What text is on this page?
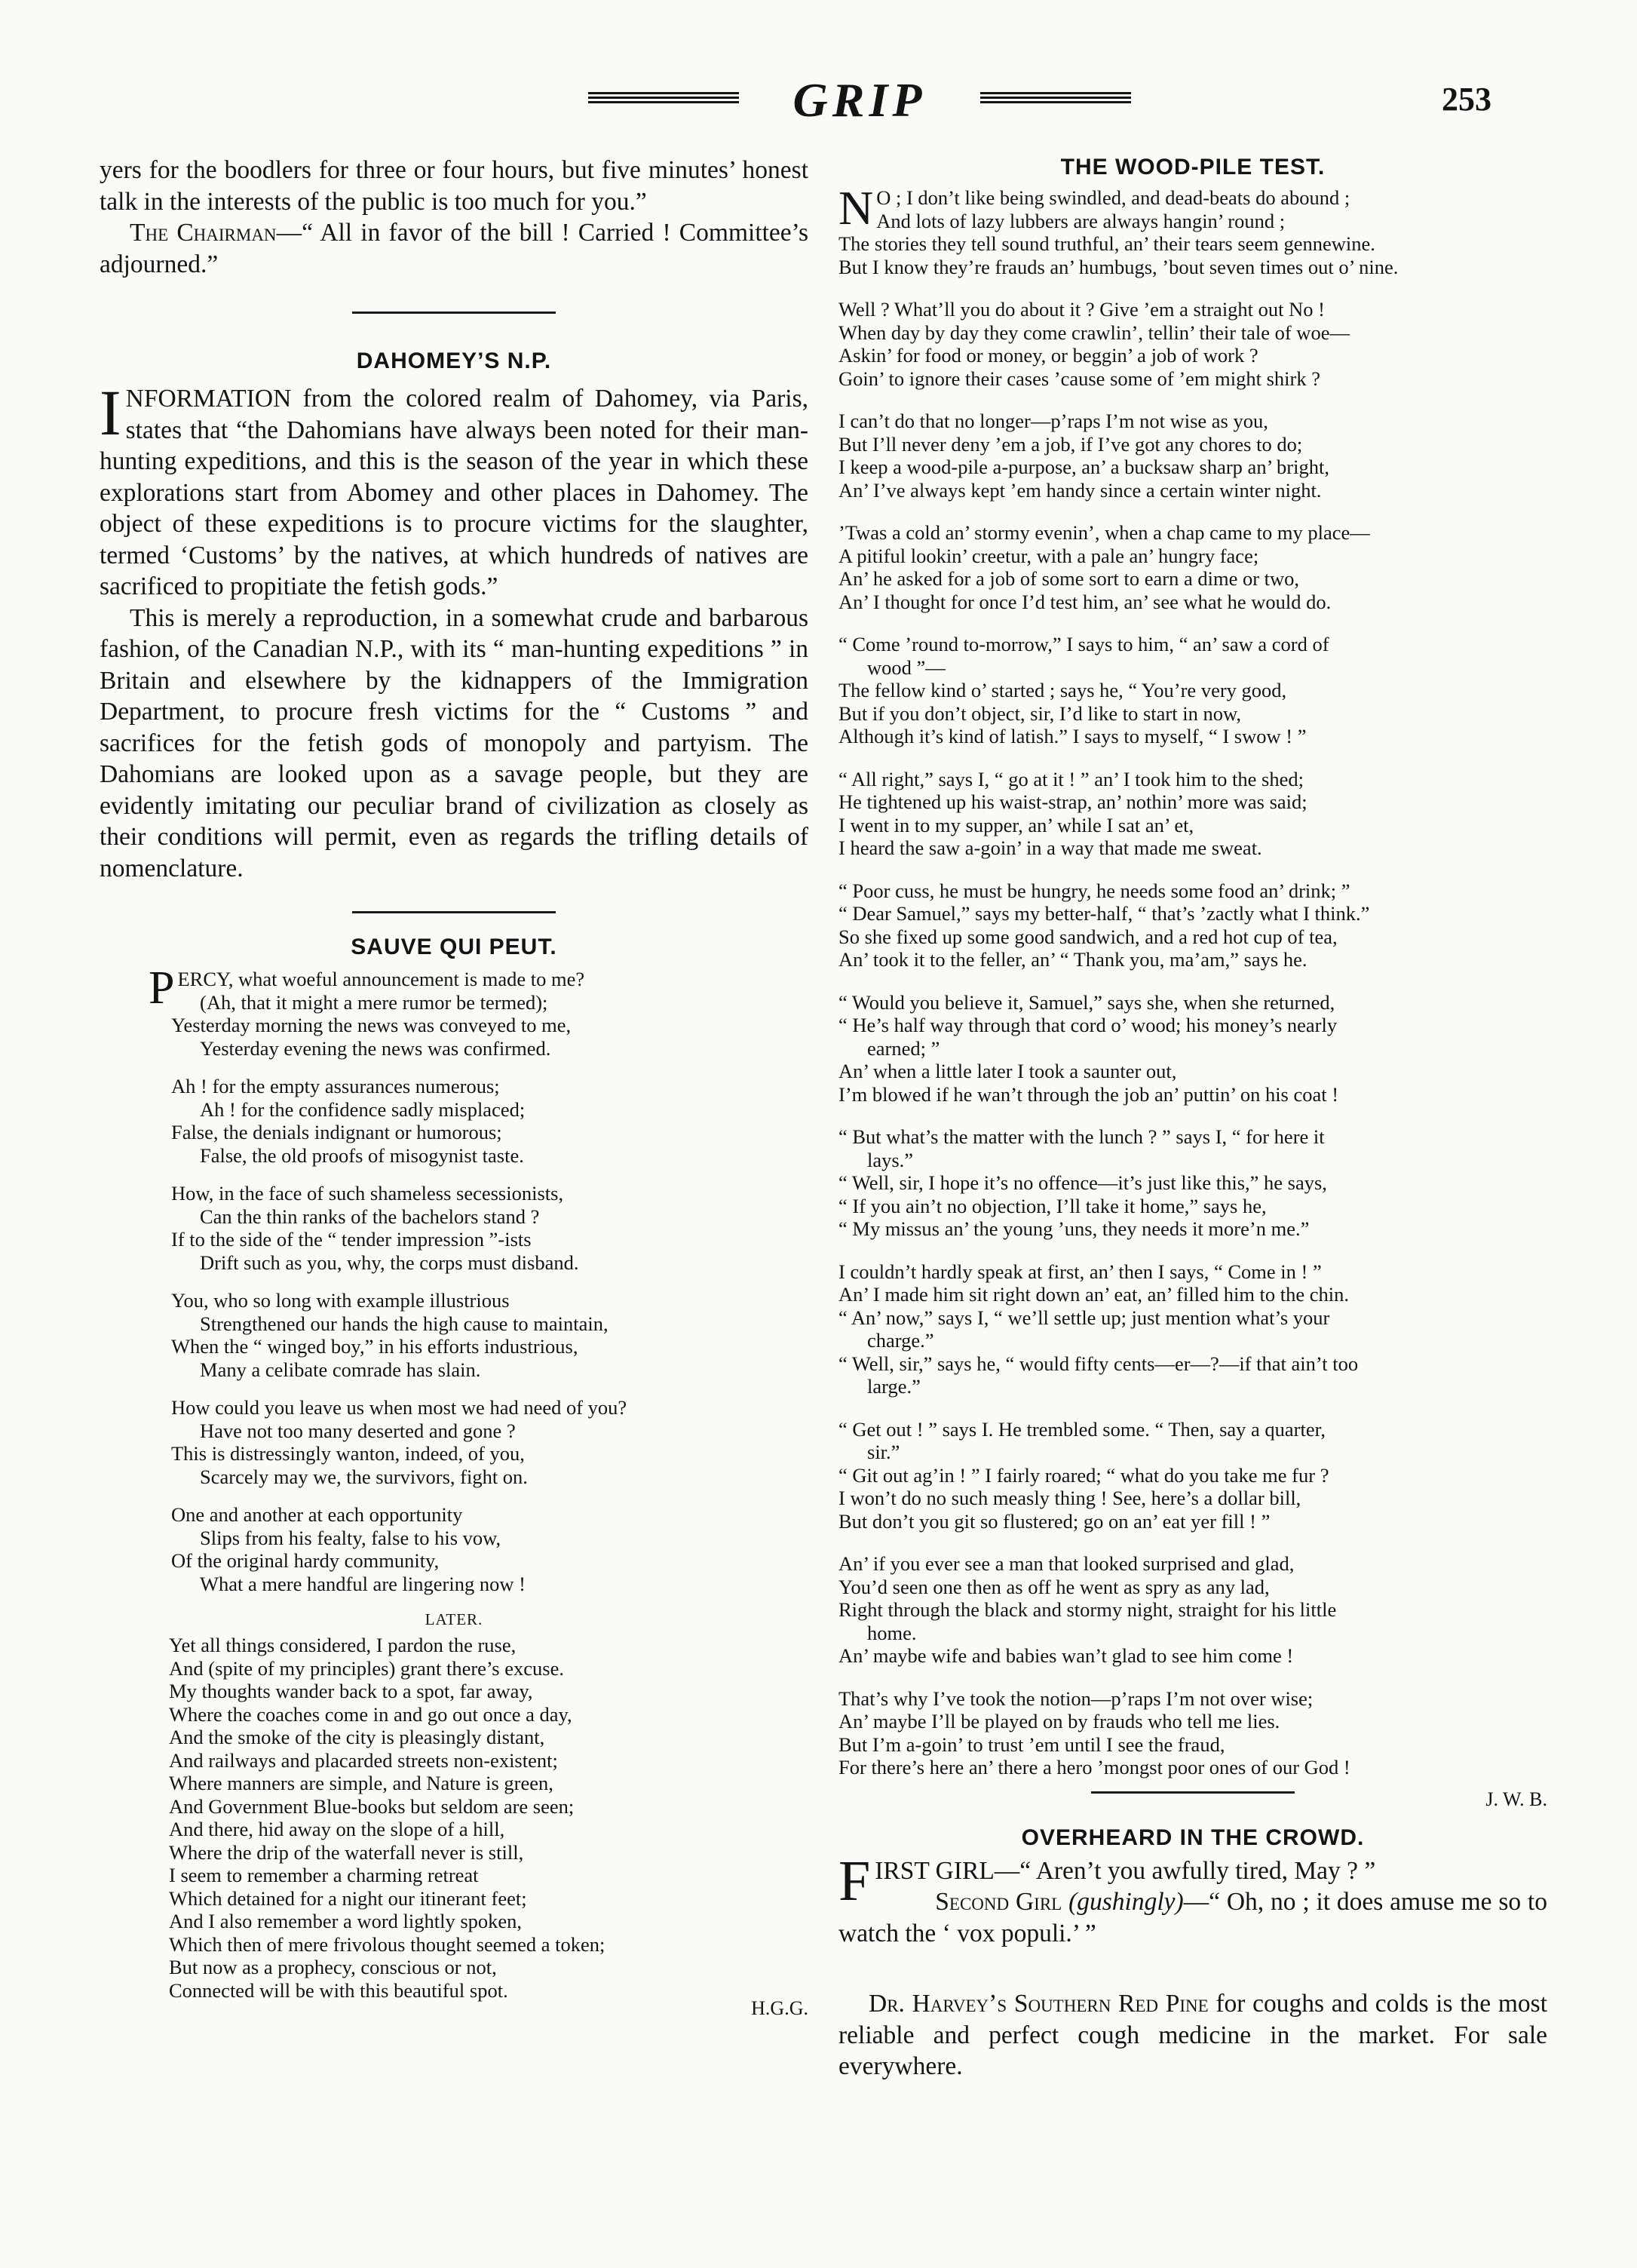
GRIP	253

yers for the boodlers for three or four hours, but five minutes’ honest talk in the interests of the public is too much for you.”

The Chairman—“ All in favor of the bill ! Carried ! Committee’s adjourned.”

DAHOMEY’S N.P.

INFORMATION from the colored realm of Dahomey, via Paris, states that “the Dahomians have always been noted for their man-hunting expeditions, and this is the season of the year in which these explorations start from Abomey and other places in Dahomey. The object of these expeditions is to procure victims for the slaughter, termed ‘Customs’ by the natives, at which hundreds of natives are sacrificed to propitiate the fetish gods.”

This is merely a reproduction, in a somewhat crude and barbarous fashion, of the Canadian N.P., with its “ man-hunting expeditions ” in Britain and elsewhere by the kidnappers of the Immigration Department, to procure fresh victims for the “ Customs ” and sacrifices for the fetish gods of monopoly and partyism. The Dahomians are looked upon as a savage people, but they are evidently imitating our peculiar brand of civilization as closely as their conditions will permit, even as regards the trifling details of nomenclature.

SAUVE QUI PEUT.
PERCY, what woeful announcement is made to me?
(Ah, that it might a mere rumor be termed);
Yesterday morning the news was conveyed to me,
Yesterday evening the news was confirmed.
Ah ! for the empty assurances numerous;
Ah ! for the confidence sadly misplaced;
False, the denials indignant or humorous;
False, the old proofs of misogynist taste.
How, in the face of such shameless secessionists,
Can the thin ranks of the bachelors stand ?
If to the side of the “ tender impression ”-ists
Drift such as you, why, the corps must disband.
You, who so long with example illustrious
Strengthened our hands the high cause to maintain,
When the “ winged boy,” in his efforts industrious,
Many a celibate comrade has slain.
How could you leave us when most we had need of you?
Have not too many deserted and gone ?
This is distressingly wanton, indeed, of you,
Scarcely may we, the survivors, fight on.
One and another at each opportunity
Slips from his fealty, false to his vow,
Of the original hardy community,
What a mere handful are lingering now !
LATER.
Yet all things considered, I pardon the ruse,
And (spite of my principles) grant there’s excuse.
My thoughts wander back to a spot, far away,
Where the coaches come in and go out once a day,
And the smoke of the city is pleasingly distant,
And railways and placarded streets non-existent;
Where manners are simple, and Nature is green,
And Government Blue-books but seldom are seen;
And there, hid away on the slope of a hill,
Where the drip of the waterfall never is still,
I seem to remember a charming retreat
Which detained for a night our itinerant feet;
And I also remember a word lightly spoken,
Which then of mere frivolous thought seemed a token;
But now as a prophecy, conscious or not,
Connected will be with this beautiful spot.
H.G.G.
THE WOOD-PILE TEST.
N O ; I don’t like being swindled, and dead-beats do abound ;
And lots of lazy lubbers are always hangin’ round ;
The stories they tell sound truthful, an’ their tears seem gennewine.
But I know they’re frauds an’ humbugs, ’bout seven times out o’ nine.
Well ? What’ll you do about it ? Give ’em a straight out No !
When day by day they come crawlin’, tellin’ their tale of woe—
Askin’ for food or money, or beggin’ a job of work ?
Goin’ to ignore their cases ’cause some of ’em might shirk ?
I can’t do that no longer—p’raps I’m not wise as you,
But I’ll never deny ’em a job, if I’ve got any chores to do;
I keep a wood-pile a-purpose, an’ a bucksaw sharp an’ bright,
An’ I’ve always kept ’em handy since a certain winter night.
’Twas a cold an’ stormy evenin’, when a chap came to my place—
A pitiful lookin’ creetur, with a pale an’ hungry face;
An’ he asked for a job of some sort to earn a dime or two,
An’ I thought for once I’d test him, an’ see what he would do.
“ Come ’round to-morrow,” I says to him, “ an’ saw a cord of
wood ”—
The fellow kind o’ started ; says he, “ You’re very good,
But if you don’t object, sir, I’d like to start in now,
Although it’s kind of latish.” I says to myself, “ I swow ! ”
“ All right,” says I, “ go at it ! ” an’ I took him to the shed;
He tightened up his waist-strap, an’ nothin’ more was said;
I went in to my supper, an’ while I sat an’ et,
I heard the saw a-goin’ in a way that made me sweat.
“ Poor cuss, he must be hungry, he needs some food an’ drink; ”
“ Dear Samuel,” says my better-half, “ that’s ’zactly what I think.”
So she fixed up some good sandwich, and a red hot cup of tea,
An’ took it to the feller, an’ “ Thank you, ma’am,” says he.
“ Would you believe it, Samuel,” says she, when she returned,
“ He’s half way through that cord o’ wood; his money’s nearly
earned; ”
An’ when a little later I took a saunter out,
I’m blowed if he wan’t through the job an’ puttin’ on his coat !
“ But what’s the matter with the lunch ? ” says I, “ for here it
lays.”
“ Well, sir, I hope it’s no offence—it’s just like this,” he says,
“ If you ain’t no objection, I’ll take it home,” says he,
“ My missus an’ the young ’uns, they needs it more’n me.”
I couldn’t hardly speak at first, an’ then I says, “ Come in ! ”
An’ I made him sit right down an’ eat, an’ filled him to the chin.
“ An’ now,” says I, “ we’ll settle up; just mention what’s your
charge.”
“ Well, sir,” says he, “ would fifty cents—er—?—if that ain’t too
large.”
“ Get out ! ” says I. He trembled some. “ Then, say a quarter,
sir.”
“ Git out ag’in ! ” I fairly roared; “ what do you take me fur ?
I won’t do no such measly thing ! See, here’s a dollar bill,
But don’t you git so flustered; go on an’ eat yer fill ! ”
An’ if you ever see a man that looked surprised and glad,
You’d seen one then as off he went as spry as any lad,
Right through the black and stormy night, straight for his little
home.
An’ maybe wife and babies wan’t glad to see him come !
That’s why I’ve took the notion—p’raps I’m not over wise;
An’ maybe I’ll be played on by frauds who tell me lies.
But I’m a-goin’ to trust ’em until I see the fraud,
For there’s here an’ there a hero ’mongst poor ones of our God !
J. W. B.
OVERHEARD IN THE CROWD.

FIRST GIRL—“ Aren’t you awfully tired, May ? ”

Second Girl (gushingly)—“ Oh, no ; it does amuse me so to watch the ‘ vox populi.’ ”

Dr. Harvey’s Southern Red Pine for coughs and colds is the most reliable and perfect cough medicine in the market. For sale everywhere.
